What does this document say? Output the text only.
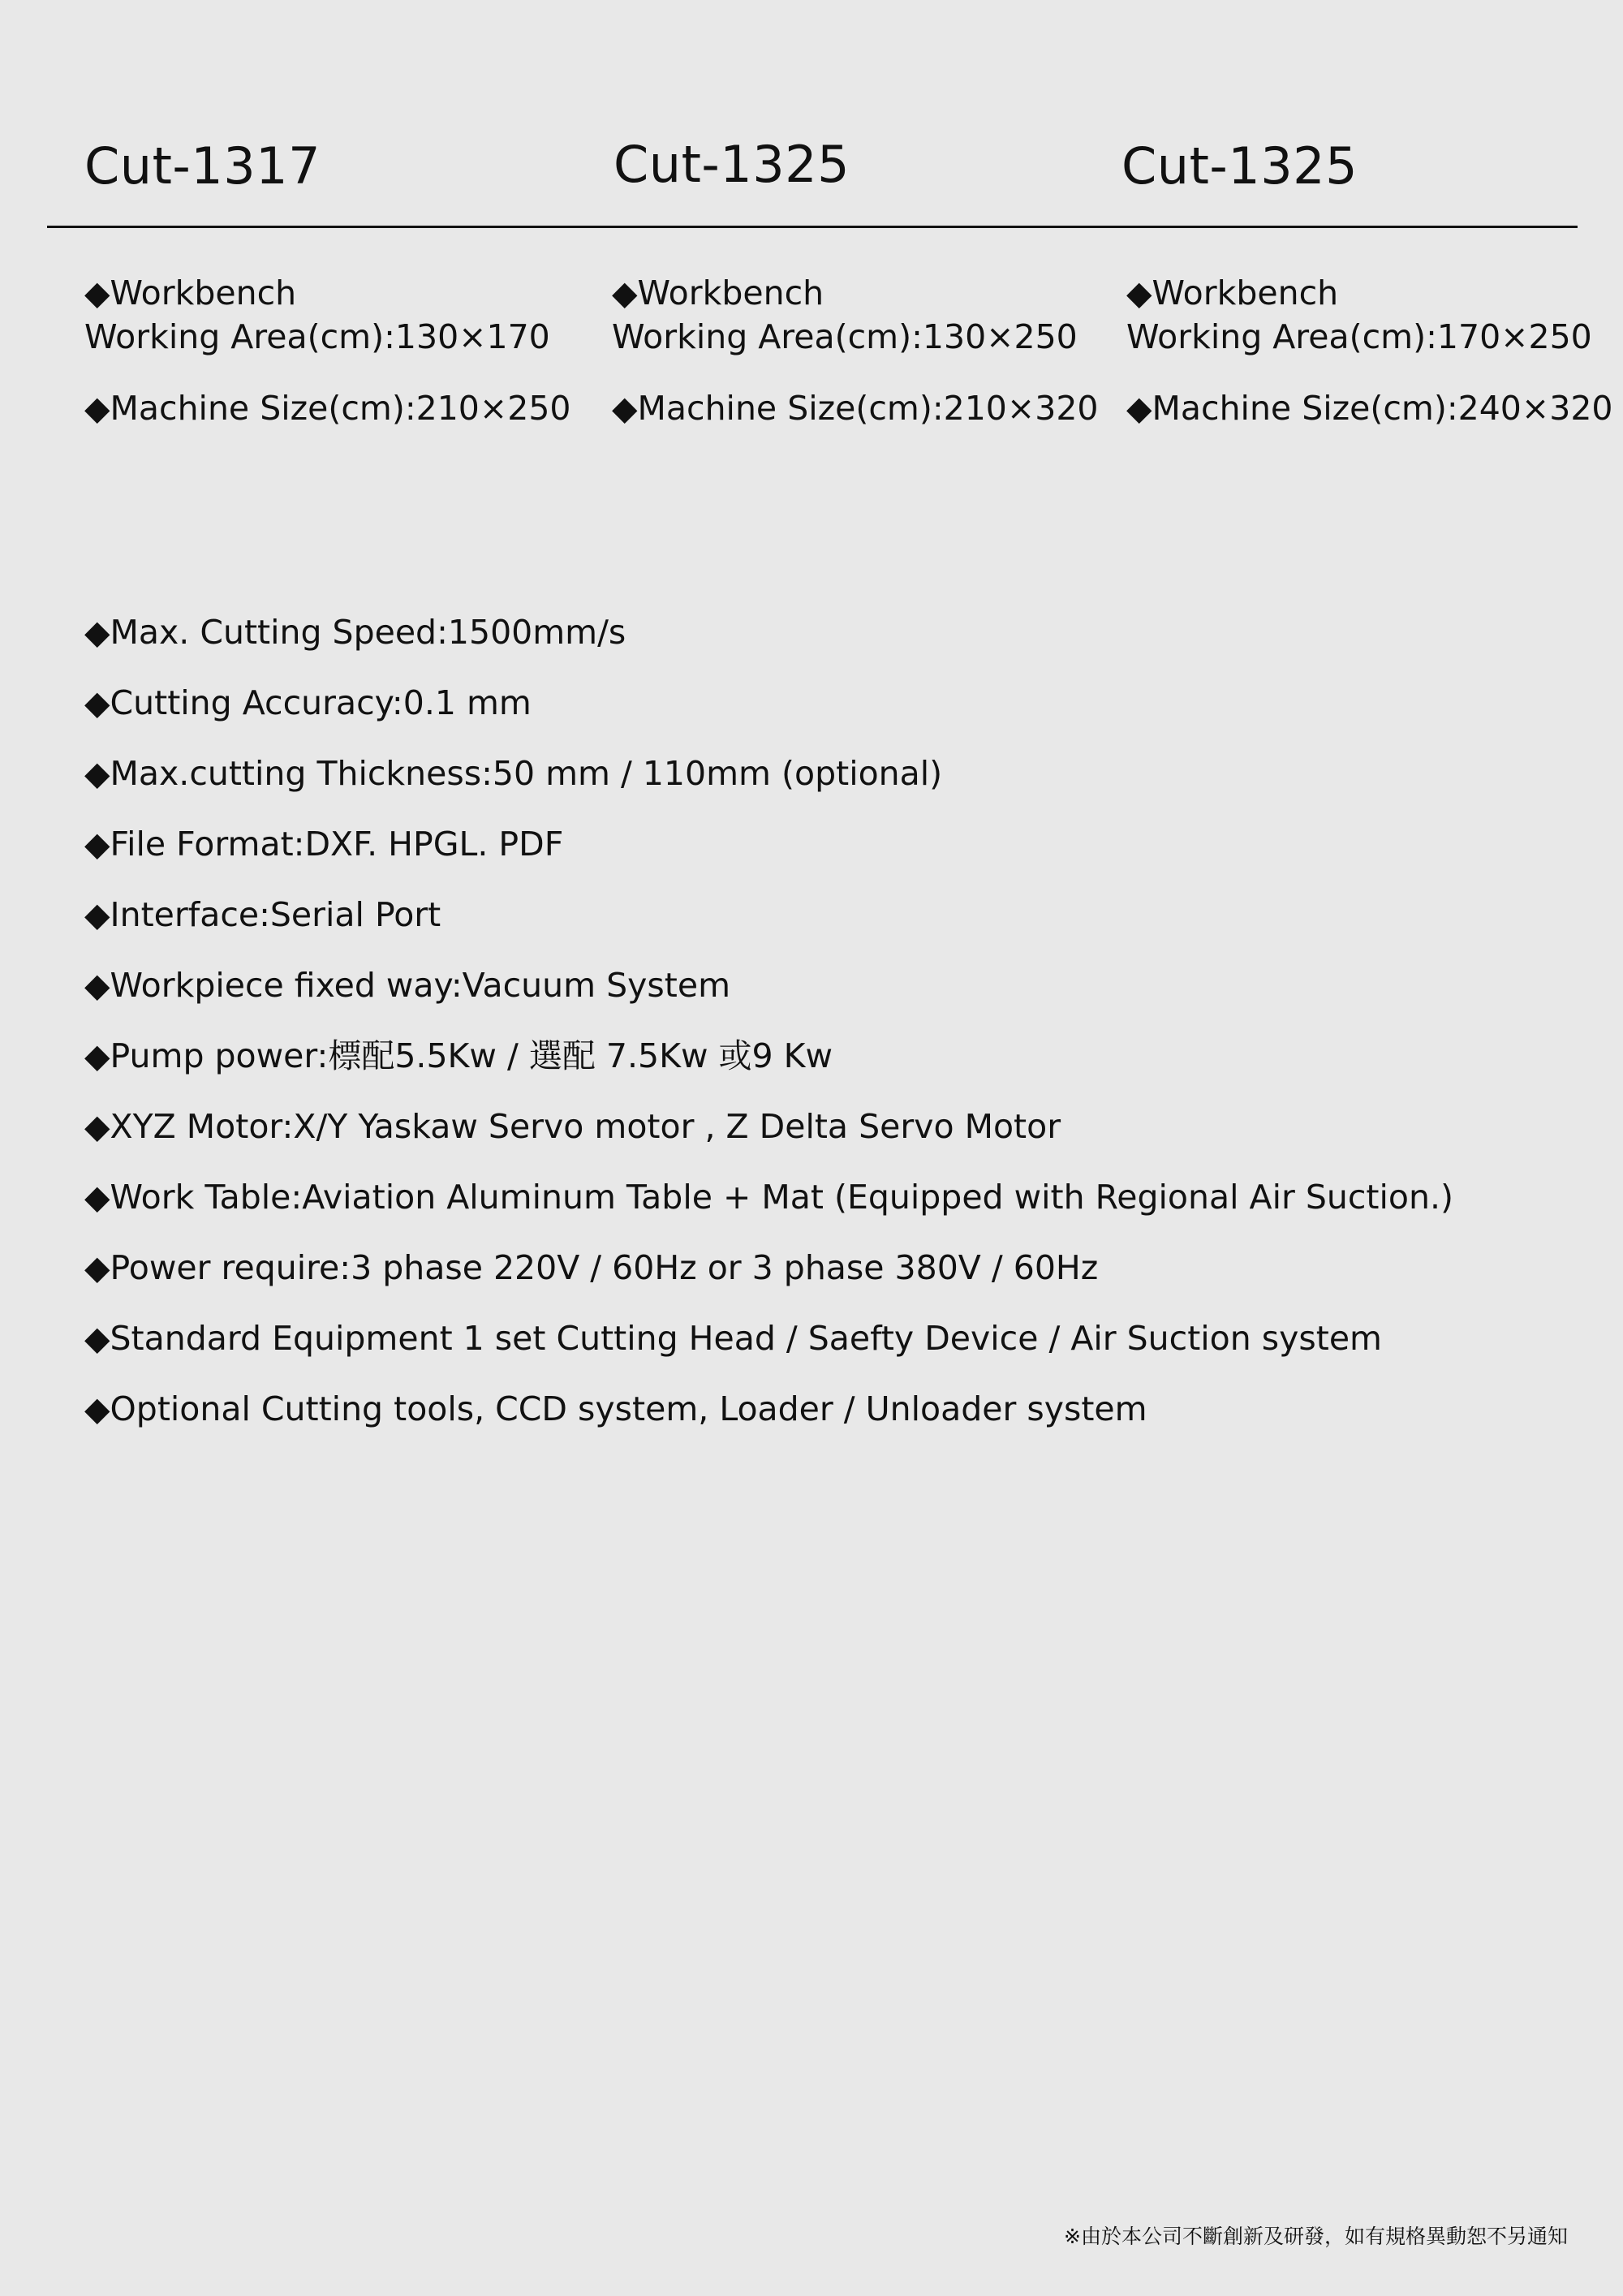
Cut-1317	Cut-1325	Cut-1325
◆Workbench
Working Area(cm):130×170
◆Machine Size(cm):210×250
◆Workbench
Working Area(cm):130×250
◆Machine Size(cm):210×320
◆Workbench
Working Area(cm):170×250
◆Machine Size(cm):240×320
◆Max. Cutting Speed:1500mm/s
◆Cutting Accuracy:0.1 mm
◆Max.cutting Thickness:50 mm / 110mm (optional)
◆File Format:DXF. HPGL. PDF
◆Interface:Serial Port
◆Workpiece fixed way:Vacuum System
◆Pump power:標配5.5Kw / 選配 7.5Kw 或9 Kw
◆XYZ Motor:X/Y Yaskaw Servo motor , Z Delta Servo Motor
◆Work Table:Aviation Aluminum Table + Mat (Equipped with Regional Air Suction.)
◆Power require:3 phase 220V / 60Hz or 3 phase 380V / 60Hz
◆Standard Equipment 1 set Cutting Head / Saefty Device / Air Suction system
◆Optional Cutting tools, CCD system, Loader / Unloader system
※由於本公司不斷創新及研發，如有規格異動恕不另通知
